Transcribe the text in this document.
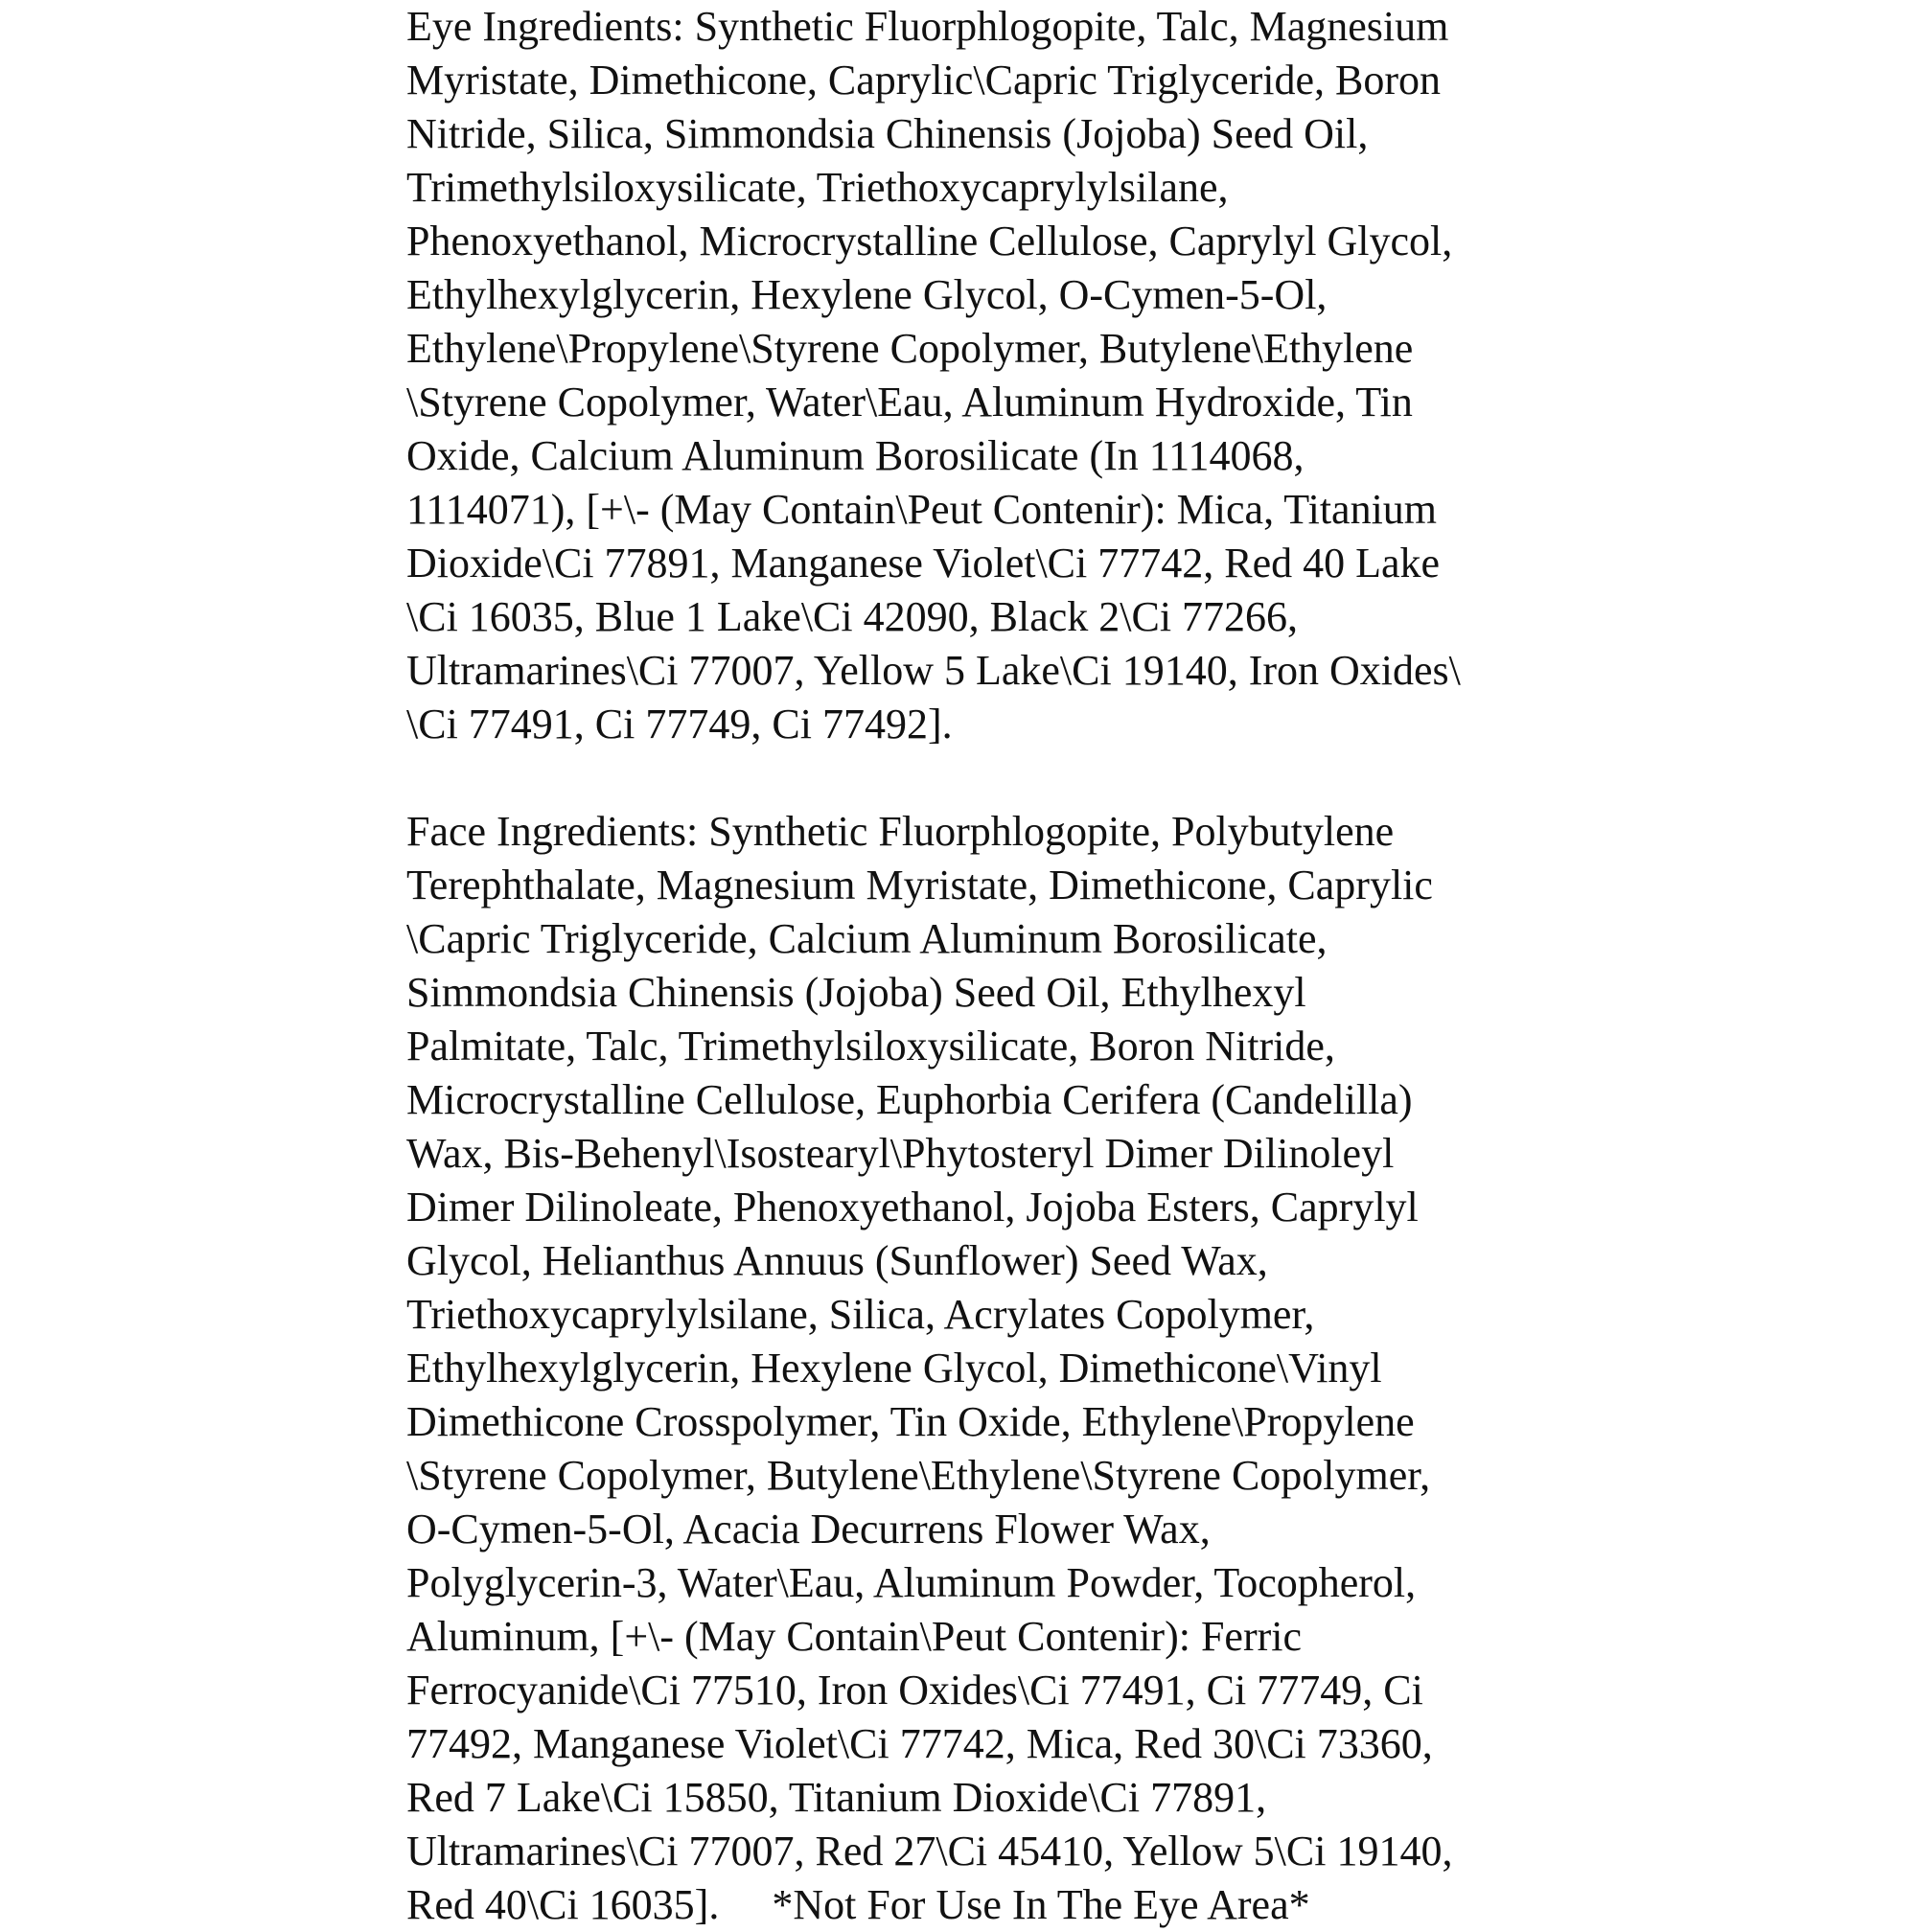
Eye Ingredients: Synthetic Fluorphlogopite, Talc, Magnesium
Myristate, Dimethicone, Caprylic\Capric Triglyceride, Boron
Nitride, Silica, Simmondsia Chinensis (Jojoba) Seed Oil,
Trimethylsiloxysilicate, Triethoxycaprylylsilane,
Phenoxyethanol, Microcrystalline Cellulose, Caprylyl Glycol,
Ethylhexylglycerin, Hexylene Glycol, O-Cymen-5-Ol,
Ethylene\Propylene\Styrene Copolymer, Butylene\Ethylene
\Styrene Copolymer, Water\Eau, Aluminum Hydroxide, Tin
Oxide, Calcium Aluminum Borosilicate (In 1114068,
1114071), [+\- (May Contain\Peut Contenir): Mica, Titanium
Dioxide\Ci 77891, Manganese Violet\Ci 77742, Red 40 Lake
\Ci 16035, Blue 1 Lake\Ci 42090, Black 2\Ci 77266,
Ultramarines\Ci 77007, Yellow 5 Lake\Ci 19140, Iron Oxides\
\Ci 77491, Ci 77749, Ci 77492].
Face Ingredients: Synthetic Fluorphlogopite, Polybutylene
Terephthalate, Magnesium Myristate, Dimethicone, Caprylic
\Capric Triglyceride, Calcium Aluminum Borosilicate,
Simmondsia Chinensis (Jojoba) Seed Oil, Ethylhexyl
Palmitate, Talc, Trimethylsiloxysilicate, Boron Nitride,
Microcrystalline Cellulose, Euphorbia Cerifera (Candelilla)
Wax, Bis-Behenyl\Isostearyl\Phytosteryl Dimer Dilinoleyl
Dimer Dilinoleate, Phenoxyethanol, Jojoba Esters, Caprylyl
Glycol, Helianthus Annuus (Sunflower) Seed Wax,
Triethoxycaprylylsilane, Silica, Acrylates Copolymer,
Ethylhexylglycerin, Hexylene Glycol, Dimethicone\Vinyl
Dimethicone Crosspolymer, Tin Oxide, Ethylene\Propylene
\Styrene Copolymer, Butylene\Ethylene\Styrene Copolymer,
O-Cymen-5-Ol, Acacia Decurrens Flower Wax,
Polyglycerin-3, Water\Eau, Aluminum Powder, Tocopherol,
Aluminum, [+\- (May Contain\Peut Contenir): Ferric
Ferrocyanide\Ci 77510, Iron Oxides\Ci 77491, Ci 77749, Ci
77492, Manganese Violet\Ci 77742, Mica, Red 30\Ci 73360,
Red 7 Lake\Ci 15850, Titanium Dioxide\Ci 77891,
Ultramarines\Ci 77007, Red 27\Ci 45410, Yellow 5\Ci 19140,
Red 40\Ci 16035].     *Not For Use In The Eye Area*
